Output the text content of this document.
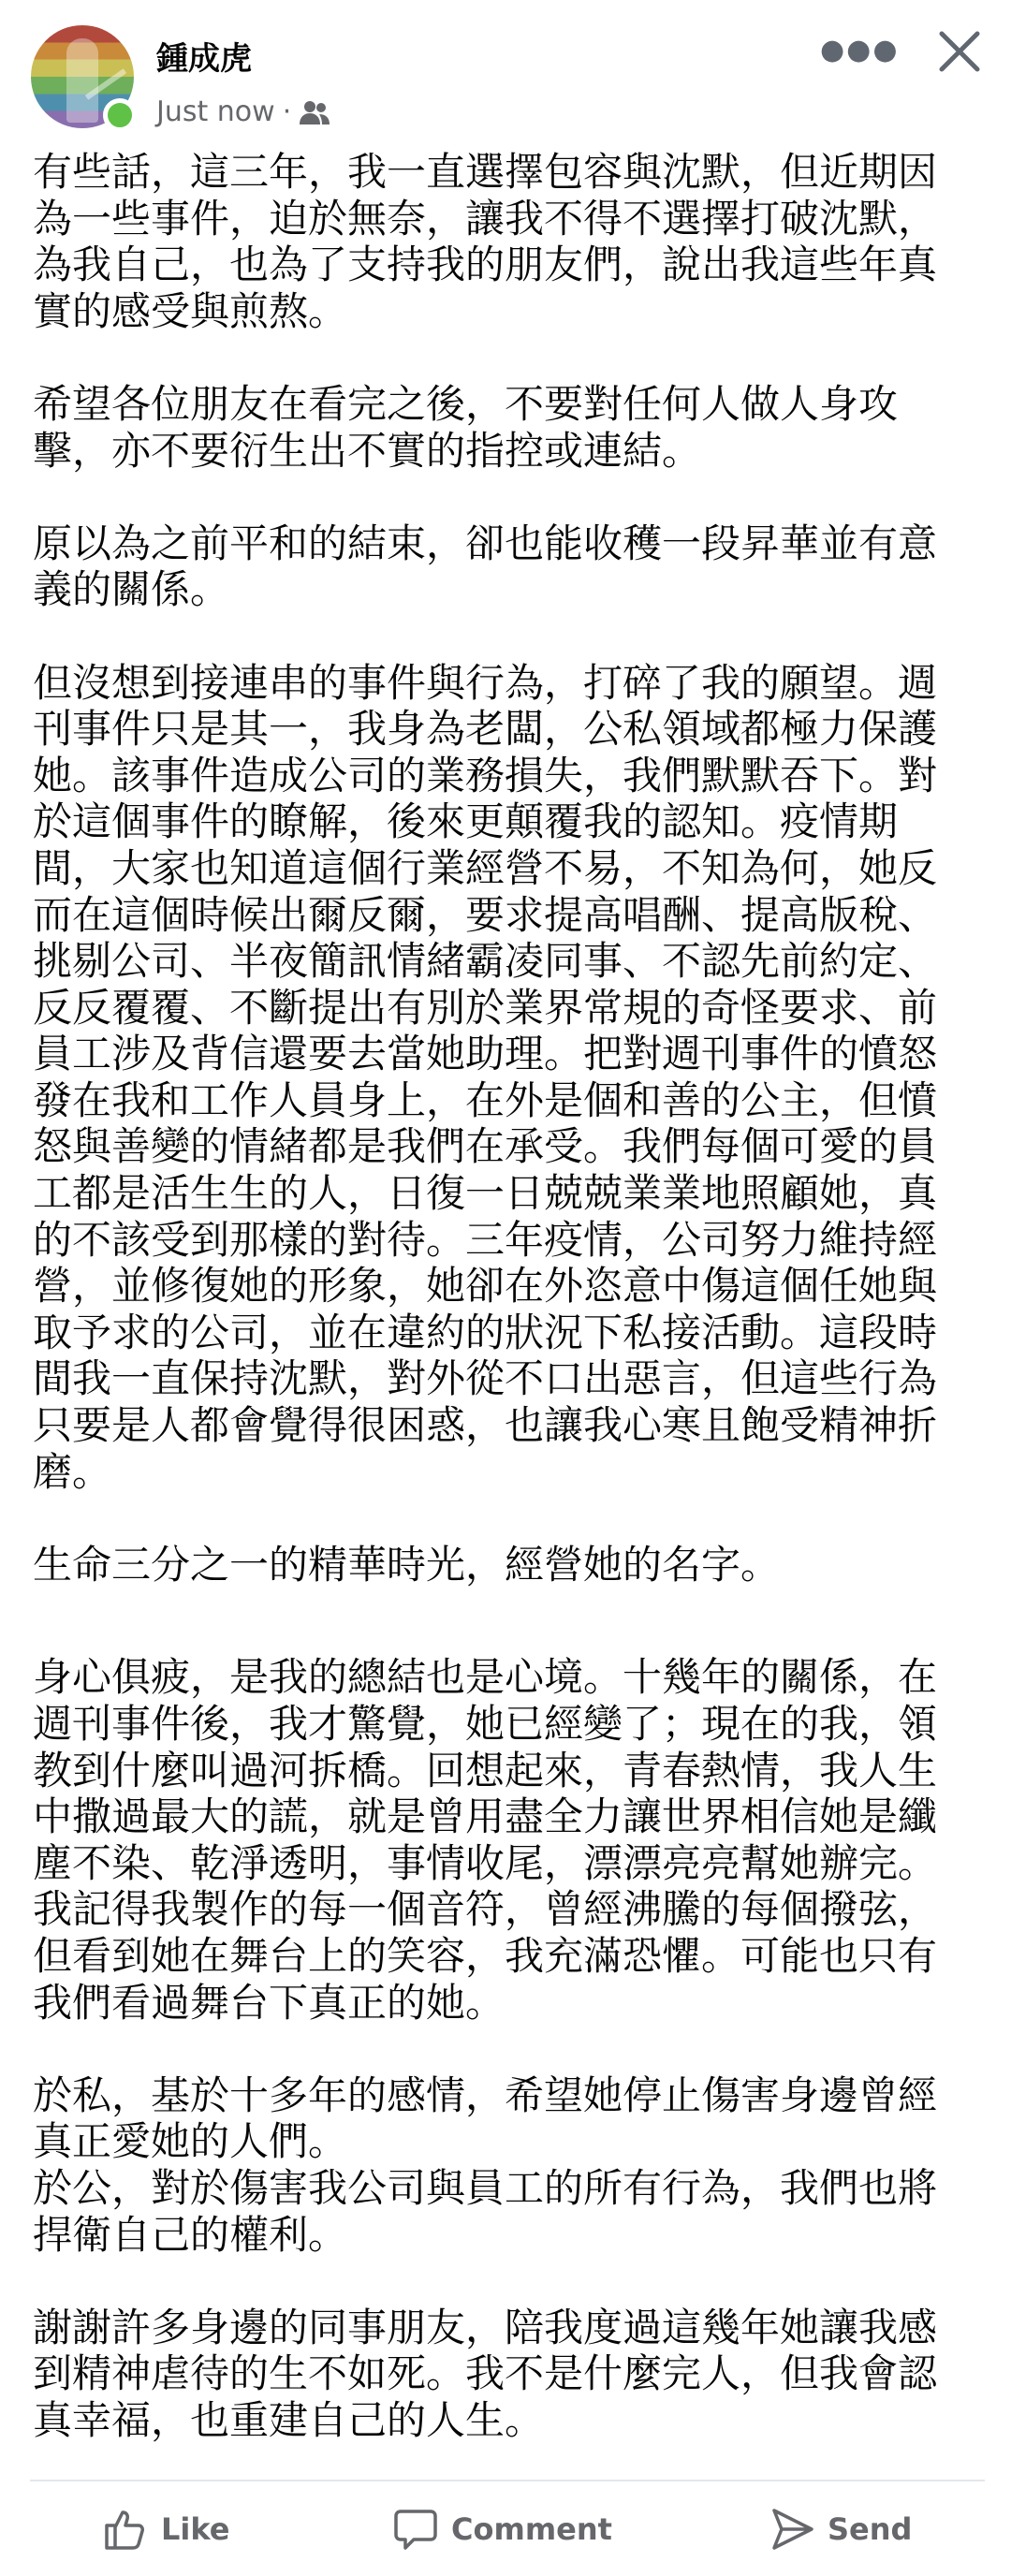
鍾成虎
Just now ·
●●●
有些話，這三年，我一直選擇包容與沈默，但近期因
為一些事件，迫於無奈，讓我不得不選擇打破沈默，
為我自己，也為了支持我的朋友們，說出我這些年真
實的感受與煎熬。
希望各位朋友在看完之後，不要對任何人做人身攻
擊，亦不要衍生出不實的指控或連結。
原以為之前平和的結束，卻也能收穫一段昇華並有意
義的關係。
但沒想到接連串的事件與行為，打碎了我的願望。週
刊事件只是其一，我身為老闆，公私領域都極力保護
她。該事件造成公司的業務損失，我們默默吞下。對
於這個事件的瞭解，後來更顛覆我的認知。疫情期
間，大家也知道這個行業經營不易，不知為何，她反
而在這個時候出爾反爾，要求提高唱酬、提高版稅、
挑剔公司、半夜簡訊情緒霸凌同事、不認先前約定、
反反覆覆、不斷提出有別於業界常規的奇怪要求、前
員工涉及背信還要去當她助理。把對週刊事件的憤怒
發在我和工作人員身上，在外是個和善的公主，但憤
怒與善變的情緒都是我們在承受。我們每個可愛的員
工都是活生生的人，日復一日兢兢業業地照顧她，真
的不該受到那樣的對待。三年疫情，公司努力維持經
營，並修復她的形象，她卻在外恣意中傷這個任她與
取予求的公司，並在違約的狀況下私接活動。這段時
間我一直保持沈默，對外從不口出惡言，但這些行為
只要是人都會覺得很困惑，也讓我心寒且飽受精神折
磨。
生命三分之一的精華時光，經營她的名字。
身心俱疲，是我的總結也是心境。十幾年的關係，在
週刊事件後，我才驚覺，她已經變了；現在的我，領
教到什麼叫過河拆橋。回想起來，青春熱情，我人生
中撒過最大的謊，就是曾用盡全力讓世界相信她是纖
塵不染、乾淨透明，事情收尾，漂漂亮亮幫她辦完。
我記得我製作的每一個音符，曾經沸騰的每個撥弦，
但看到她在舞台上的笑容，我充滿恐懼。可能也只有
我們看過舞台下真正的她。
於私，基於十多年的感情，希望她停止傷害身邊曾經
真正愛她的人們。
於公，對於傷害我公司與員工的所有行為，我們也將
捍衛自己的權利。
謝謝許多身邊的同事朋友，陪我度過這幾年她讓我感
到精神虐待的生不如死。我不是什麼完人，但我會認
真幸福，也重建自己的人生。
Like	Comment	Send
